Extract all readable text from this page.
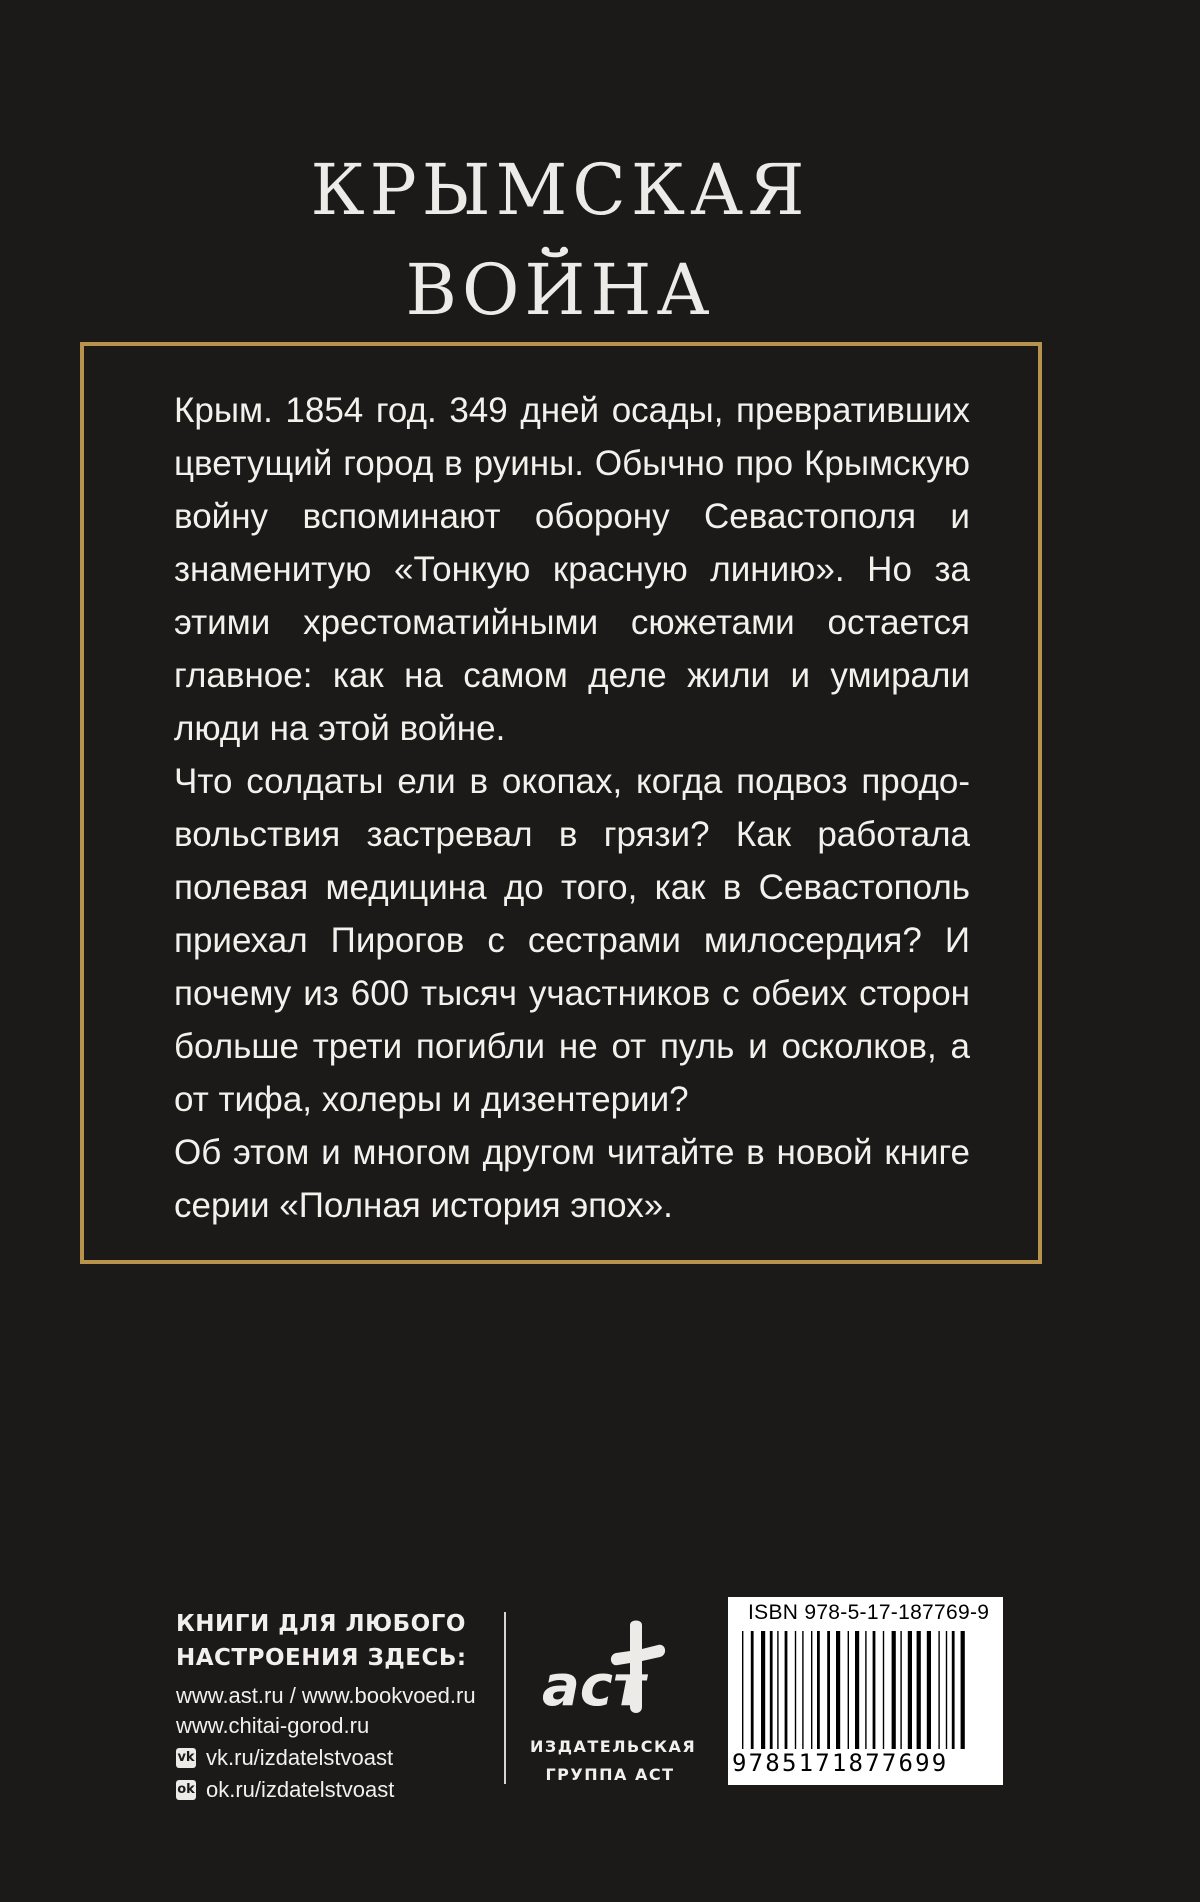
КРЫМСКАЯ
ВОЙНА

Крым. 1854 год. 349 дней осады, превративших цветущий город в руины. Обычно про Крымскую войну вспоминают оборону Севастополя и знаменитую «Тонкую красную линию». Но за этими хрестоматийными сюжетами остается главное: как на самом деле жили и умирали люди на этой войне.

Что солдаты ели в окопах, когда подвоз продовольствия застревал в грязи? Как работала полевая медицина до того, как в Севастополь приехал Пирогов с сестрами милосердия? И почему из 600 тысяч участников с обеих сторон больше трети погибли не от пуль и осколков, а от тифа, холеры и дизентерии?

Об этом и многом другом читайте в новой книге серии «Полная история эпох».

КНИГИ ДЛЯ ЛЮБОГО
НАСТРОЕНИЯ ЗДЕСЬ:
www.ast.ru / www.bookvoed.ru
www.chitai-gorod.ru
vk vk.ru/izdatelstvoast
ok ok.ru/izdatelstvoast
аст
ИЗДАТЕЛЬСКАЯ
ГРУППА АСТ
ISBN 978-5-17-187769-9
9785171877699
